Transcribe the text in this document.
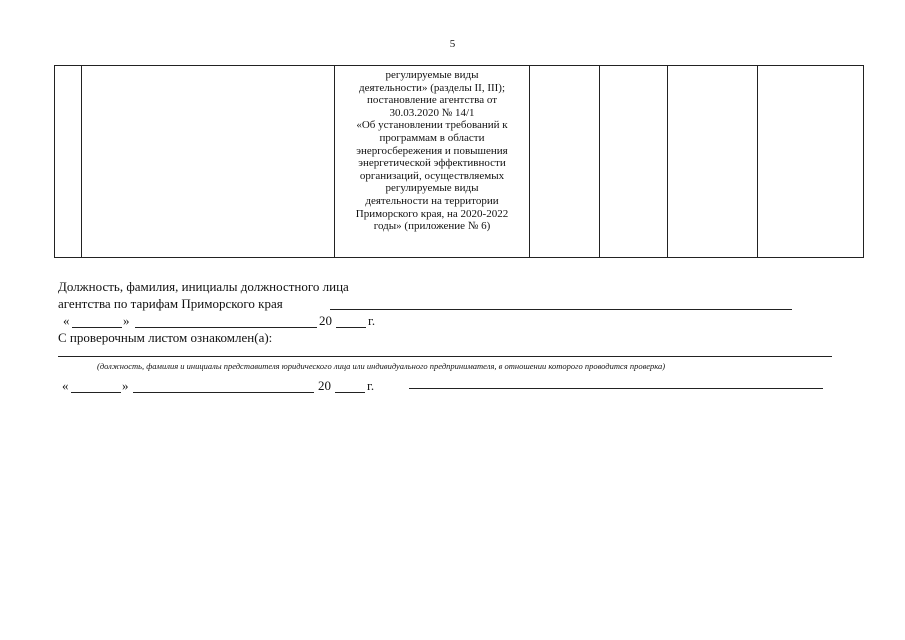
5

регулируемые виды
деятельности» (разделы II, III);
постановление агентства от
30.03.2020 № 14/1
«Об установлении требований к
программам в области
энергосбережения и повышения
энергетической эффективности
организаций, осуществляемых
регулируемые виды
деятельности на территории
Приморского края, на 2020-2022
годы» (приложение № 6)

Должность, фамилия, инициалы должностного лица
агентства по тарифам Приморского края
«	»	20	г.
С проверочным листом ознакомлен(а):
(должность, фамилия и инициалы представителя юридического лица или индивидуального предпринимателя, в отношении которого проводится проверка)
«	»	20	г.
